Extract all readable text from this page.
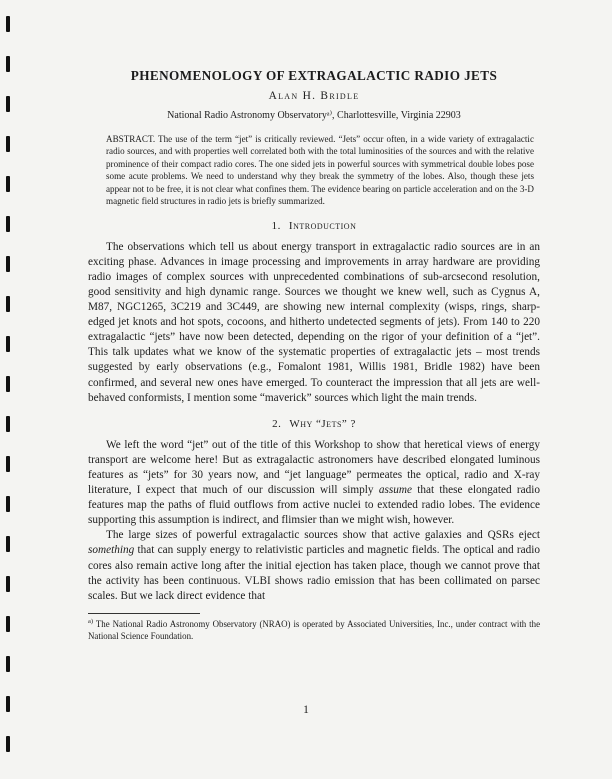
PHENOMENOLOGY OF EXTRAGALACTIC RADIO JETS
Alan H. Bridle
National Radio Astronomy Observatoryᵃ⁾, Charlottesville, Virginia 22903

ABSTRACT. The use of the term “jet” is critically reviewed. “Jets” occur often, in a wide variety of extragalactic radio sources, and with properties well correlated both with the total luminosities of the sources and with the relative prominence of their compact radio cores. The one sided jets in powerful sources with symmetrical double lobes pose some acute problems. We need to understand why they break the symmetry of the lobes. Also, though these jets appear not to be free, it is not clear what confines them. The evidence bearing on particle acceleration and on the 3-D magnetic field structures in radio jets is briefly summarized.

1. Introduction

The observations which tell us about energy transport in extragalactic radio sources are in an exciting phase. Advances in image processing and improvements in array hardware are providing radio images of complex sources with unprecedented combinations of sub-arcsecond resolution, good sensitivity and high dynamic range. Sources we thought we knew well, such as Cygnus A, M87, NGC1265, 3C219 and 3C449, are showing new internal complexity (wisps, rings, sharp-edged jet knots and hot spots, cocoons, and hitherto undetected segments of jets). From 140 to 220 extragalactic “jets” have now been detected, depending on the rigor of your definition of a “jet”. This talk updates what we know of the systematic properties of extragalactic jets – most trends suggested by early observations (e.g., Fomalont 1981, Willis 1981, Bridle 1982) have been confirmed, and several new ones have emerged. To counteract the impression that all jets are well-behaved conformists, I mention some “maverick” sources which light the main trends.

2. Why “Jets” ?

We left the word “jet” out of the title of this Workshop to show that heretical views of energy transport are welcome here! But as extragalactic astronomers have described elongated luminous features as “jets” for 30 years now, and “jet language” permeates the optical, radio and X-ray literature, I expect that much of our discussion will simply assume that these elongated radio features map the paths of fluid outflows from active nuclei to extended radio lobes. The evidence supporting this assumption is indirect, and flimsier than we might wish, however.

The large sizes of powerful extragalactic sources show that active galaxies and QSRs eject something that can supply energy to relativistic particles and magnetic fields. The optical and radio cores also remain active long after the initial ejection has taken place, though we cannot prove that the activity has been continuous. VLBI shows radio emission that has been collimated on parsec scales. But we lack direct evidence that

$^{a)}$ The National Radio Astronomy Observatory (NRAO) is operated by Associated Universities, Inc., under contract with the National Science Foundation.
1
